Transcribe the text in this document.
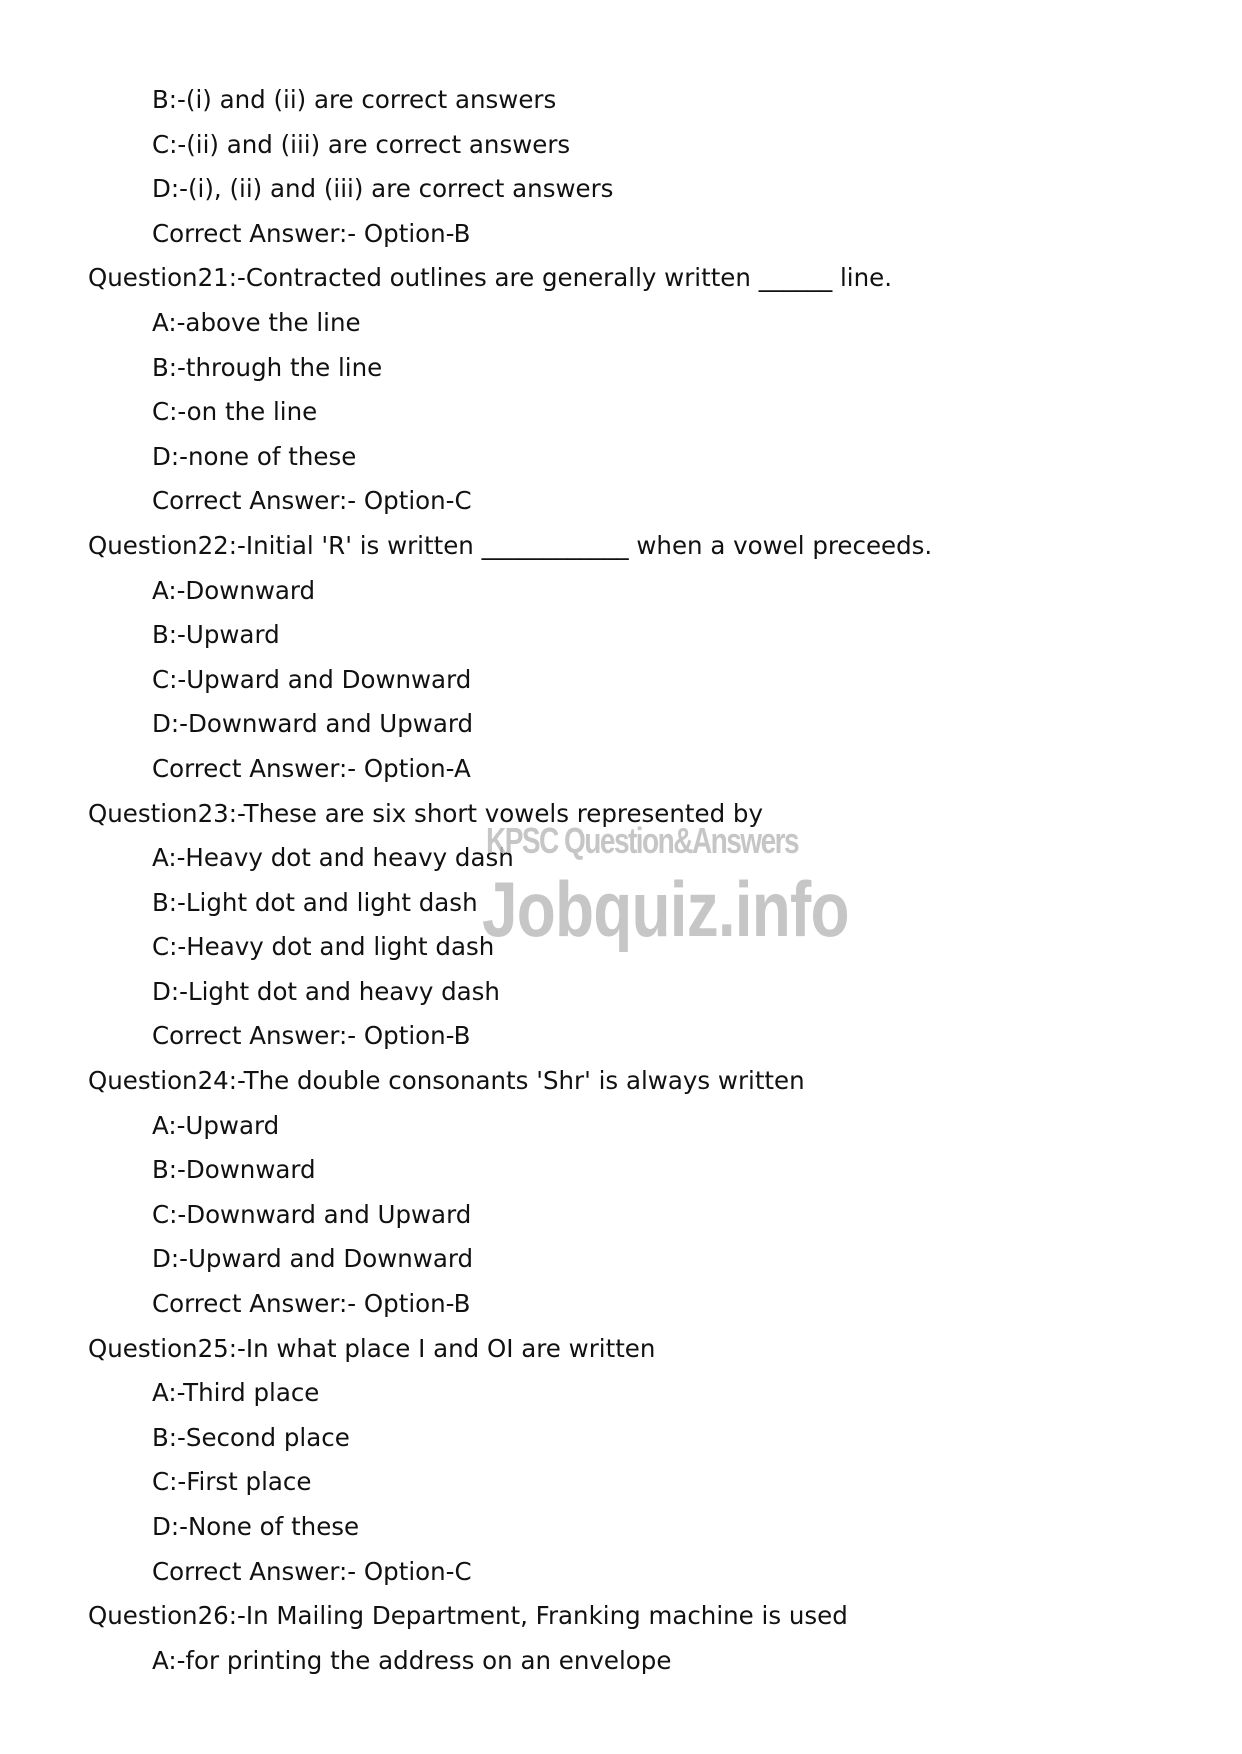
B:-(i) and (ii) are correct answers
C:-(ii) and (iii) are correct answers
D:-(i), (ii) and (iii) are correct answers
Correct Answer:- Option-B
Question21:-Contracted outlines are generally written ______ line.
A:-above the line
B:-through the line
C:-on the line
D:-none of these
Correct Answer:- Option-C
Question22:-Initial 'R' is written ____________ when a vowel preceeds.
A:-Downward
B:-Upward
C:-Upward and Downward
D:-Downward and Upward
Correct Answer:- Option-A
Question23:-These are six short vowels represented by
A:-Heavy dot and heavy dash
B:-Light dot and light dash
C:-Heavy dot and light dash
D:-Light dot and heavy dash
Correct Answer:- Option-B
Question24:-The double consonants 'Shr' is always written
A:-Upward
B:-Downward
C:-Downward and Upward
D:-Upward and Downward
Correct Answer:- Option-B
Question25:-In what place I and OI are written
A:-Third place
B:-Second place
C:-First place
D:-None of these
Correct Answer:- Option-C
Question26:-In Mailing Department, Franking machine is used
A:-for printing the address on an envelope
KPSC Question&Answers
Jobquiz.info
